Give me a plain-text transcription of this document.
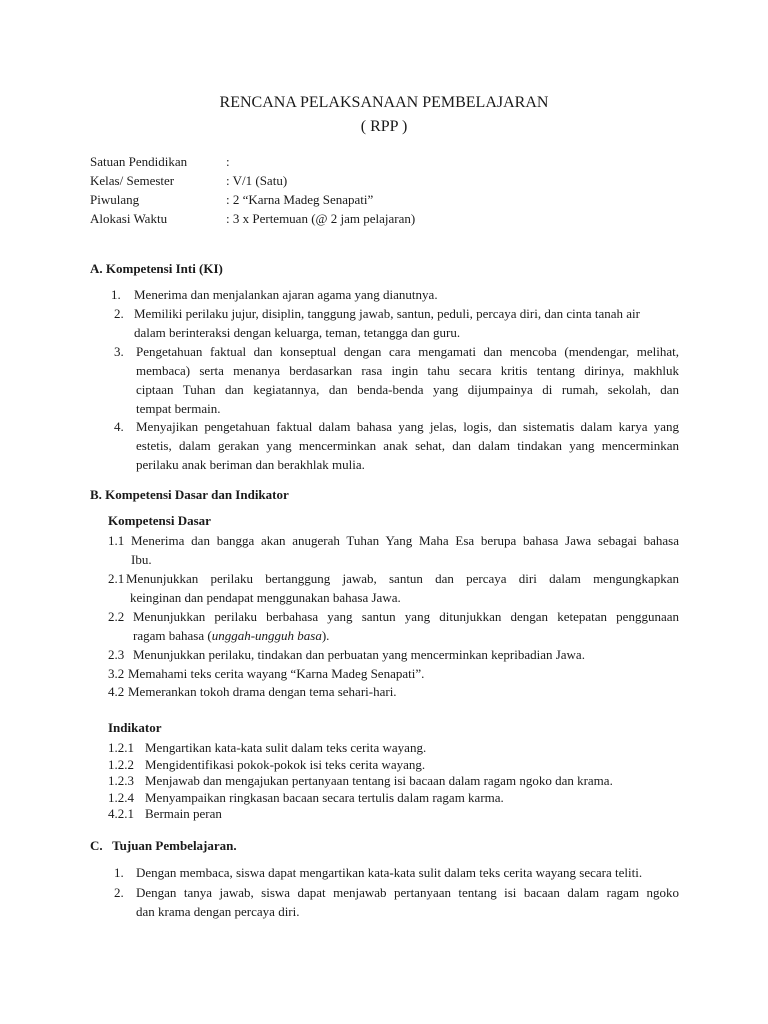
RENCANA PELAKSANAAN PEMBELAJARAN
( RPP )
Satuan Pendidikan	:
Kelas/ Semester	: V/1 (Satu)
Piwulang	: 2 “Karna Madeg Senapati”
Alokasi Waktu	: 3 x Pertemuan (@ 2 jam pelajaran)
A. Kompetensi Inti (KI)
1. Menerima dan menjalankan ajaran agama yang dianutnya.
2. Memiliki perilaku jujur, disiplin, tanggung jawab, santun, peduli, percaya diri, dan cinta tanah air
dalam berinteraksi dengan keluarga, teman, tetangga dan guru.
3. Pengetahuan faktual dan konseptual dengan cara mengamati dan mencoba (mendengar, melihat,
membaca) serta menanya berdasarkan rasa ingin tahu secara kritis tentang dirinya, makhluk
ciptaan Tuhan dan kegiatannya, dan benda-benda yang dijumpainya di rumah, sekolah, dan
tempat bermain.
4. Menyajikan pengetahuan faktual dalam bahasa yang jelas, logis, dan sistematis dalam karya yang
estetis, dalam gerakan yang mencerminkan anak sehat, dan dalam tindakan yang mencerminkan
perilaku anak beriman dan berakhlak mulia.
B. Kompetensi Dasar dan Indikator
Kompetensi Dasar
1.1 Menerima dan bangga akan anugerah Tuhan Yang Maha Esa berupa bahasa Jawa sebagai bahasa
Ibu.
2.1 Menunjukkan perilaku bertanggung jawab, santun dan percaya diri dalam mengungkapkan
keinginan dan pendapat menggunakan bahasa Jawa.
2.2 Menunjukkan perilaku berbahasa yang santun yang ditunjukkan dengan ketepatan penggunaan
ragam bahasa (unggah-ungguh basa).
2.3 Menunjukkan perilaku, tindakan dan perbuatan yang mencerminkan kepribadian Jawa.
3.2 Memahami teks cerita wayang “Karna Madeg Senapati”.
4.2 Memerankan tokoh drama dengan tema sehari-hari.
Indikator
1.2.1 Mengartikan kata-kata sulit dalam teks cerita wayang.
1.2.2 Mengidentifikasi pokok-pokok isi teks cerita wayang.
1.2.3 Menjawab dan mengajukan pertanyaan tentang isi bacaan dalam ragam ngoko dan krama.
1.2.4 Menyampaikan ringkasan bacaan secara tertulis dalam ragam karma.
4.2.1 Bermain peran
C.   Tujuan Pembelajaran.
1. Dengan membaca, siswa dapat mengartikan kata-kata sulit dalam teks cerita wayang secara teliti.
2. Dengan tanya jawab, siswa dapat menjawab pertanyaan tentang isi bacaan dalam ragam ngoko
dan krama dengan percaya diri.
